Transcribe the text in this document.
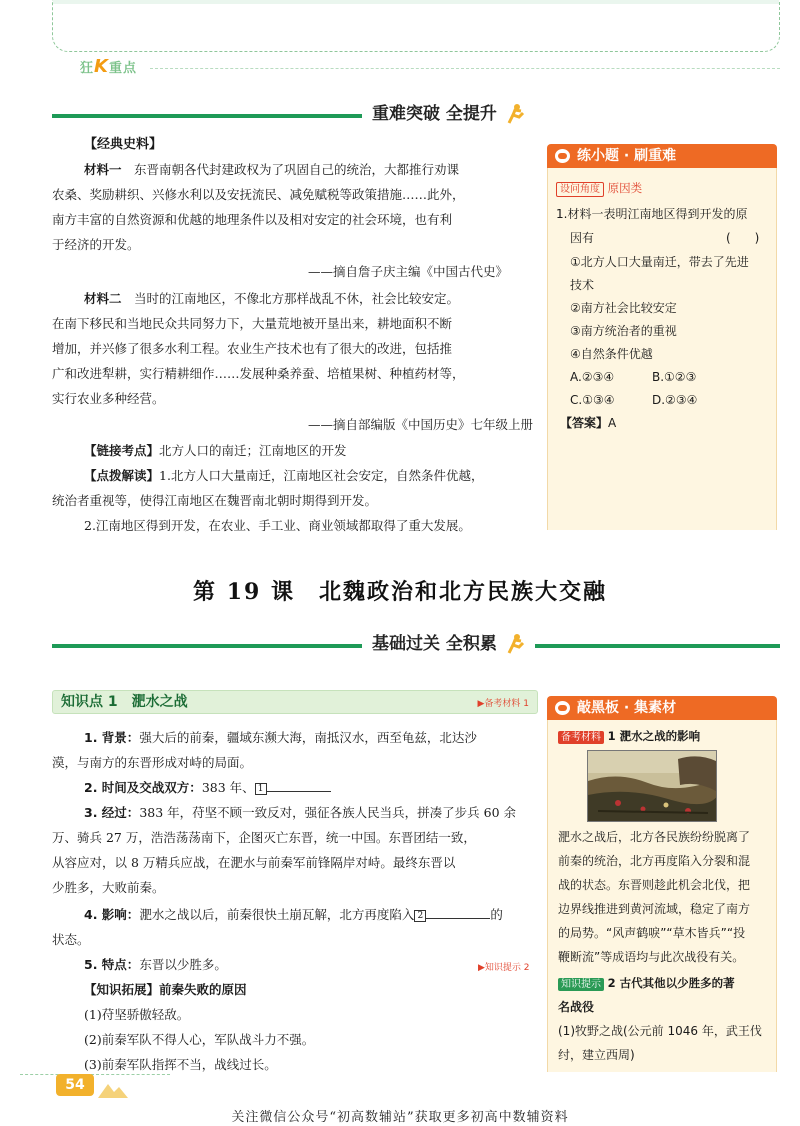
狂K重点
重难突破 全提升
【经典史料】
材料一　 东晋南朝各代封建政权为了巩固自己的统治，大都推行劝课
农桑、奖励耕织、兴修水利以及安抚流民、减免赋税等政策措施……此外，
南方丰富的自然资源和优越的地理条件以及相对安定的社会环境，也有利
于经济的开发。
——摘自詹子庆主编《中国古代史》
材料二　 当时的江南地区，不像北方那样战乱不休，社会比较安定。
在南下移民和当地民众共同努力下，大量荒地被开垦出来，耕地面积不断
增加，并兴修了很多水利工程。农业生产技术也有了很大的改进，包括推
广和改进犁耕，实行精耕细作……发展种桑养蚕、培植果树、种植药材等，
实行农业多种经营。
——摘自部编版《中国历史》七年级上册
【链接考点】北方人口的南迁；江南地区的开发
【点拨解读】1.北方人口大量南迁，江南地区社会安定，自然条件优越，
统治者重视等，使得江南地区在魏晋南北朝时期得到开发。
2.江南地区得到开发，在农业、手工业、商业领域都取得了重大发展。
练小题 · 刷重难
设问角度 原因类
1.材料一表明江南地区得到开发的原
因有	(　　)
①北方人口大量南迁，带去了先进
技术
②南方社会比较安定
③南方统治者的重视
④自然条件优越
A.②③④	B.①②③
C.①③④	D.②③④
【答案】A
第 19 课　北魏政治和北方民族大交融
基础过关 全积累
知识点 1　淝水之战	▶备考材料 1
1. 背景：强大后的前秦，疆域东濒大海，南抵汉水，西至龟兹，北达沙
漠，与南方的东晋形成对峙的局面。
2. 时间及交战双方：383 年、 1
3. 经过：383 年，苻坚不顾一致反对，强征各族人民当兵，拼凑了步兵 60 余
万、骑兵 27 万，浩浩荡荡南下，企图灭亡东晋，统一中国。东晋团结一致，
从容应对，以 8 万精兵应战，在淝水与前秦军前锋隔岸对峙。最终东晋以
少胜多，大败前秦。
4. 影响：淝水之战以后，前秦很快土崩瓦解，北方再度陷入 2	的
状态。
5. 特点：东晋以少胜多。	▶知识提示 2
【知识拓展】前秦失败的原因
(1)苻坚骄傲轻敌。
(2)前秦军队不得人心，军队战斗力不强。
(3)前秦军队指挥不当，战线过长。
敲黑板 · 集素材
备考材料 1 淝水之战的影响
淝水之战后，北方各民族纷纷脱离了
前秦的统治，北方再度陷入分裂和混
战的状态。东晋则趁此机会北伐，把
边界线推进到黄河流域，稳定了南方
的局势。“风声鹤唳”“草木皆兵”“投
鞭断流”等成语均与此次战役有关。
知识提示 2 古代其他以少胜多的著
名战役
(1)牧野之战(公元前 1046 年，武王伐
纣，建立西周)
54
关注微信公众号“初高数辅站”获取更多初高中数辅资料
